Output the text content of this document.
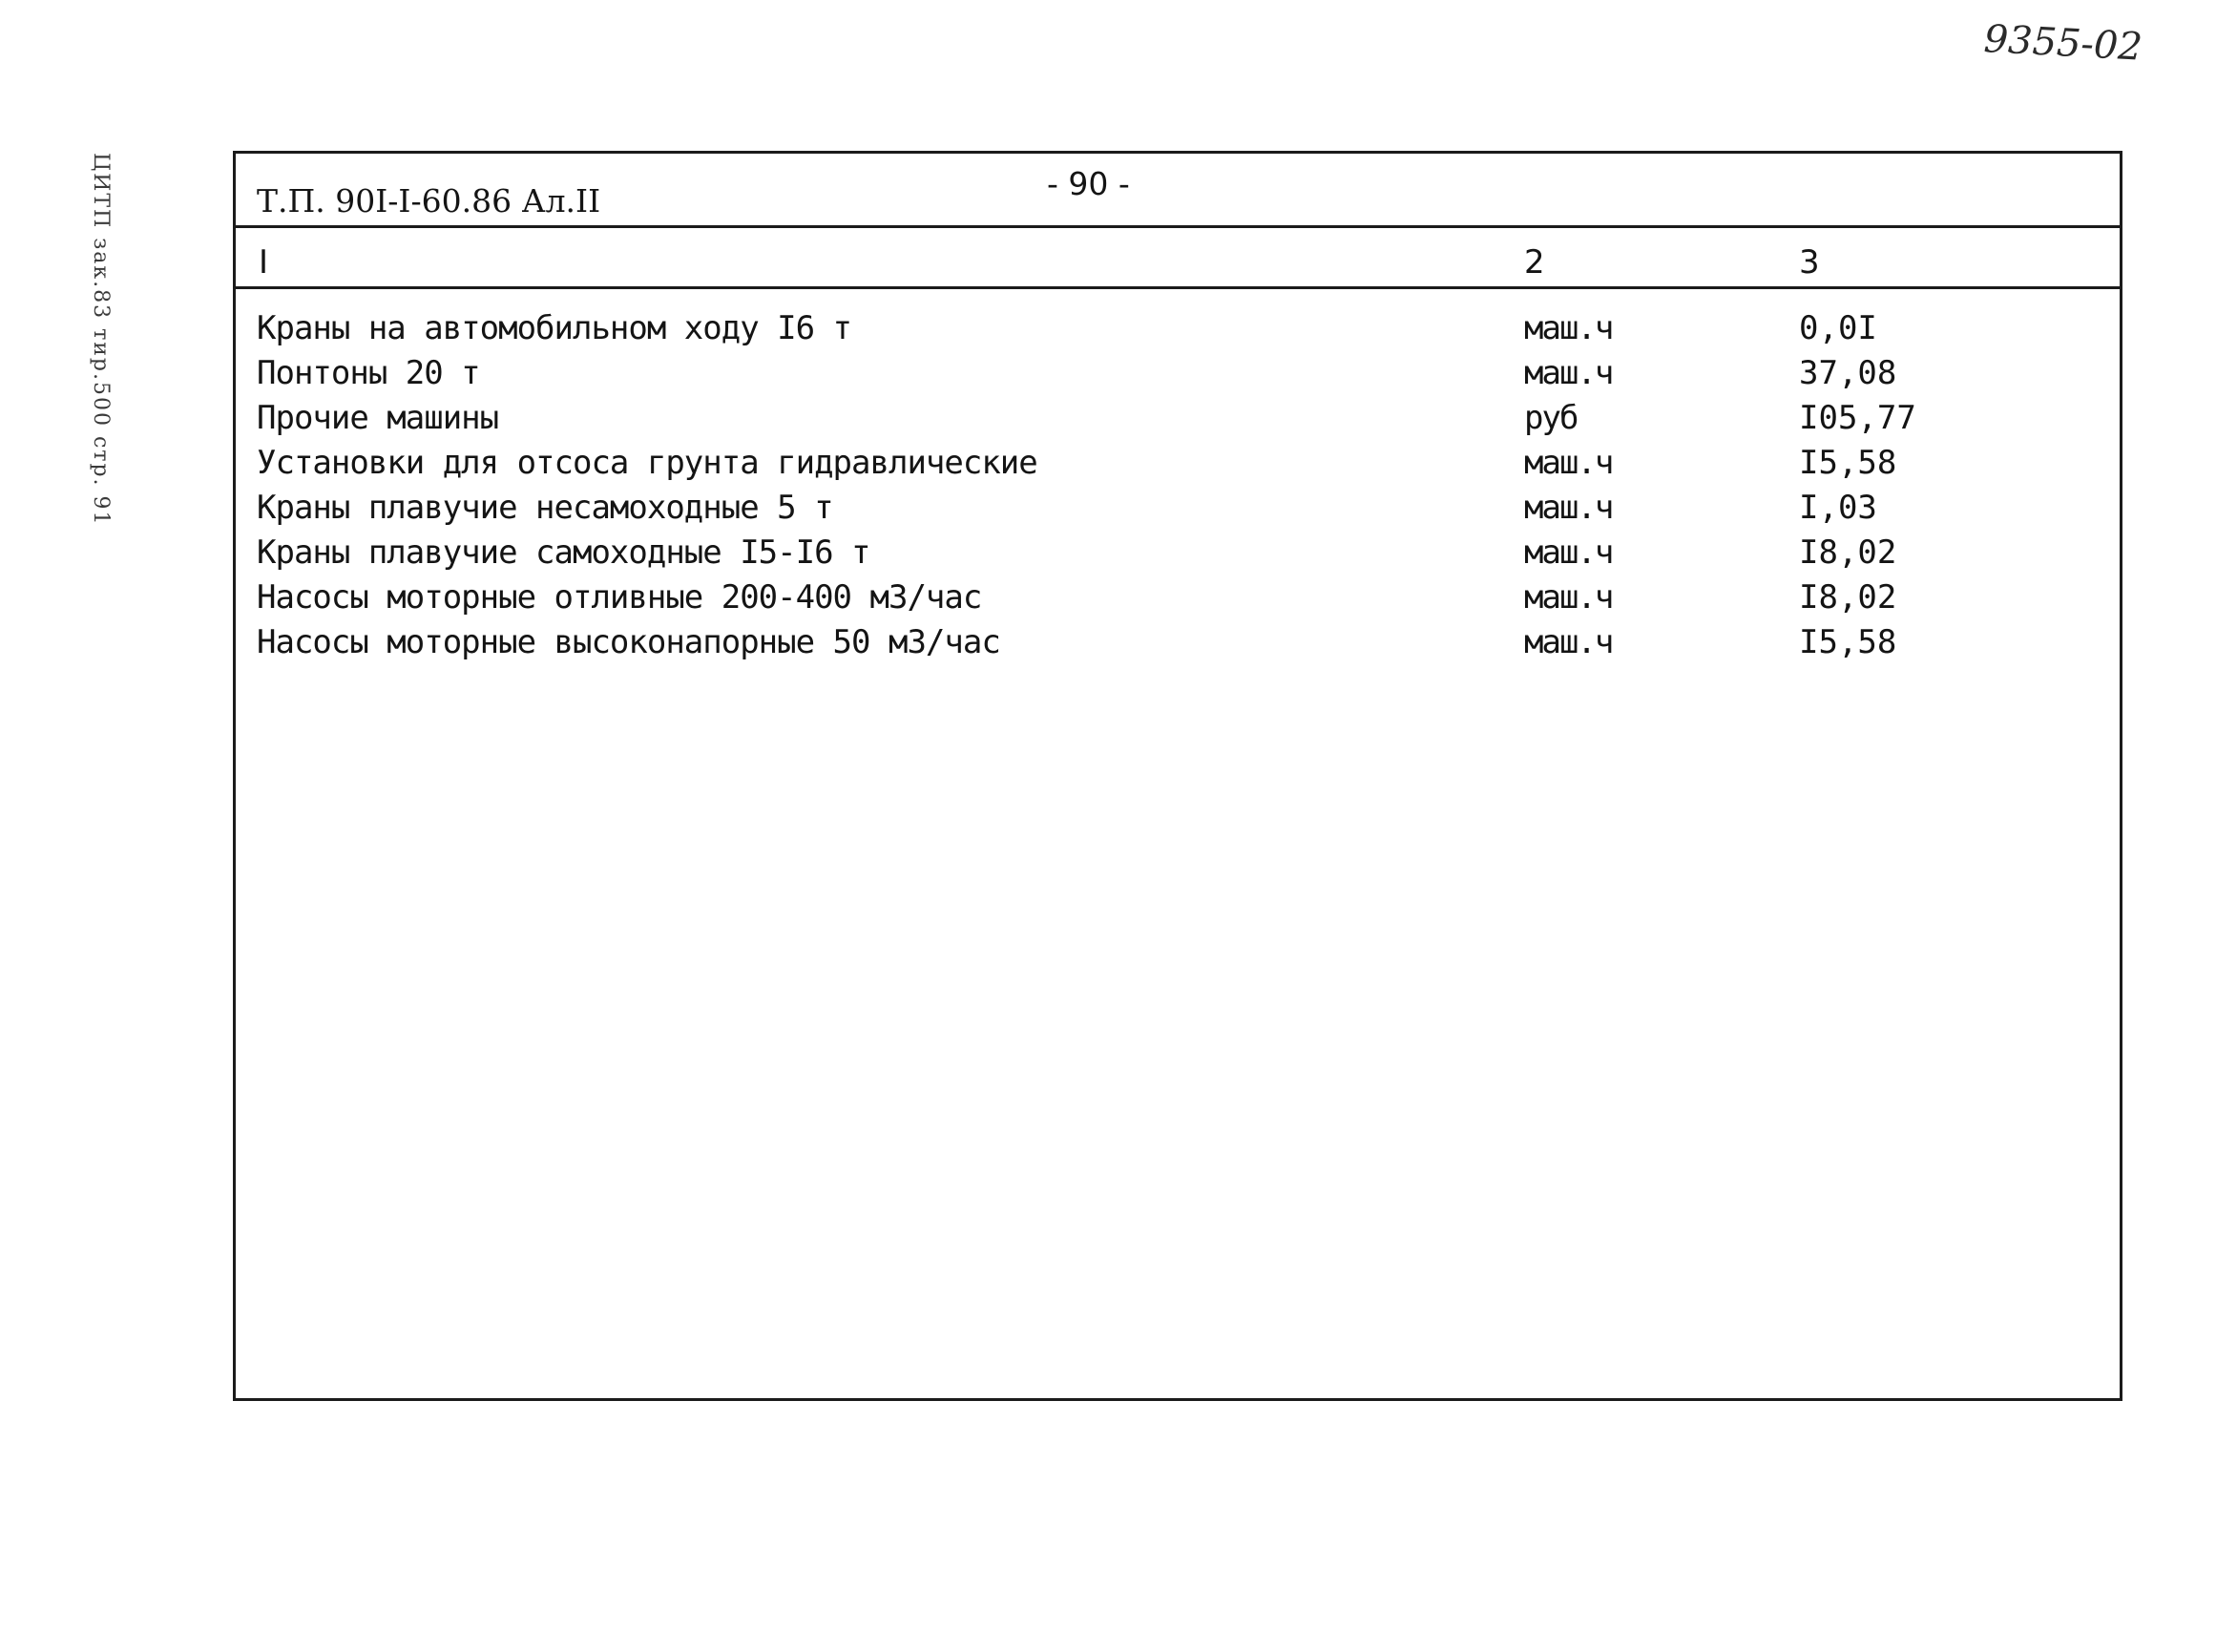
9355-02
ЦИТП зак.83 тир.500 стр. 91	Т.П. 90I-I-60.86 Ал.II	- 90 -
I	2	3
Краны на автомобильном ходу I6 т	маш.ч	0,0I
Понтоны 20 т	маш.ч	37,08
Прочие машины	руб	I05,77
Установки для отсоса грунта гидравлические	маш.ч	I5,58
Краны плавучие несамоходные 5 т	маш.ч	I,03
Краны плавучие самоходные I5-I6 т	маш.ч	I8,02
Насосы моторные отливные 200-400 м3/час	маш.ч	I8,02
Насосы моторные высоконапорные 50 м3/час	маш.ч	I5,58
